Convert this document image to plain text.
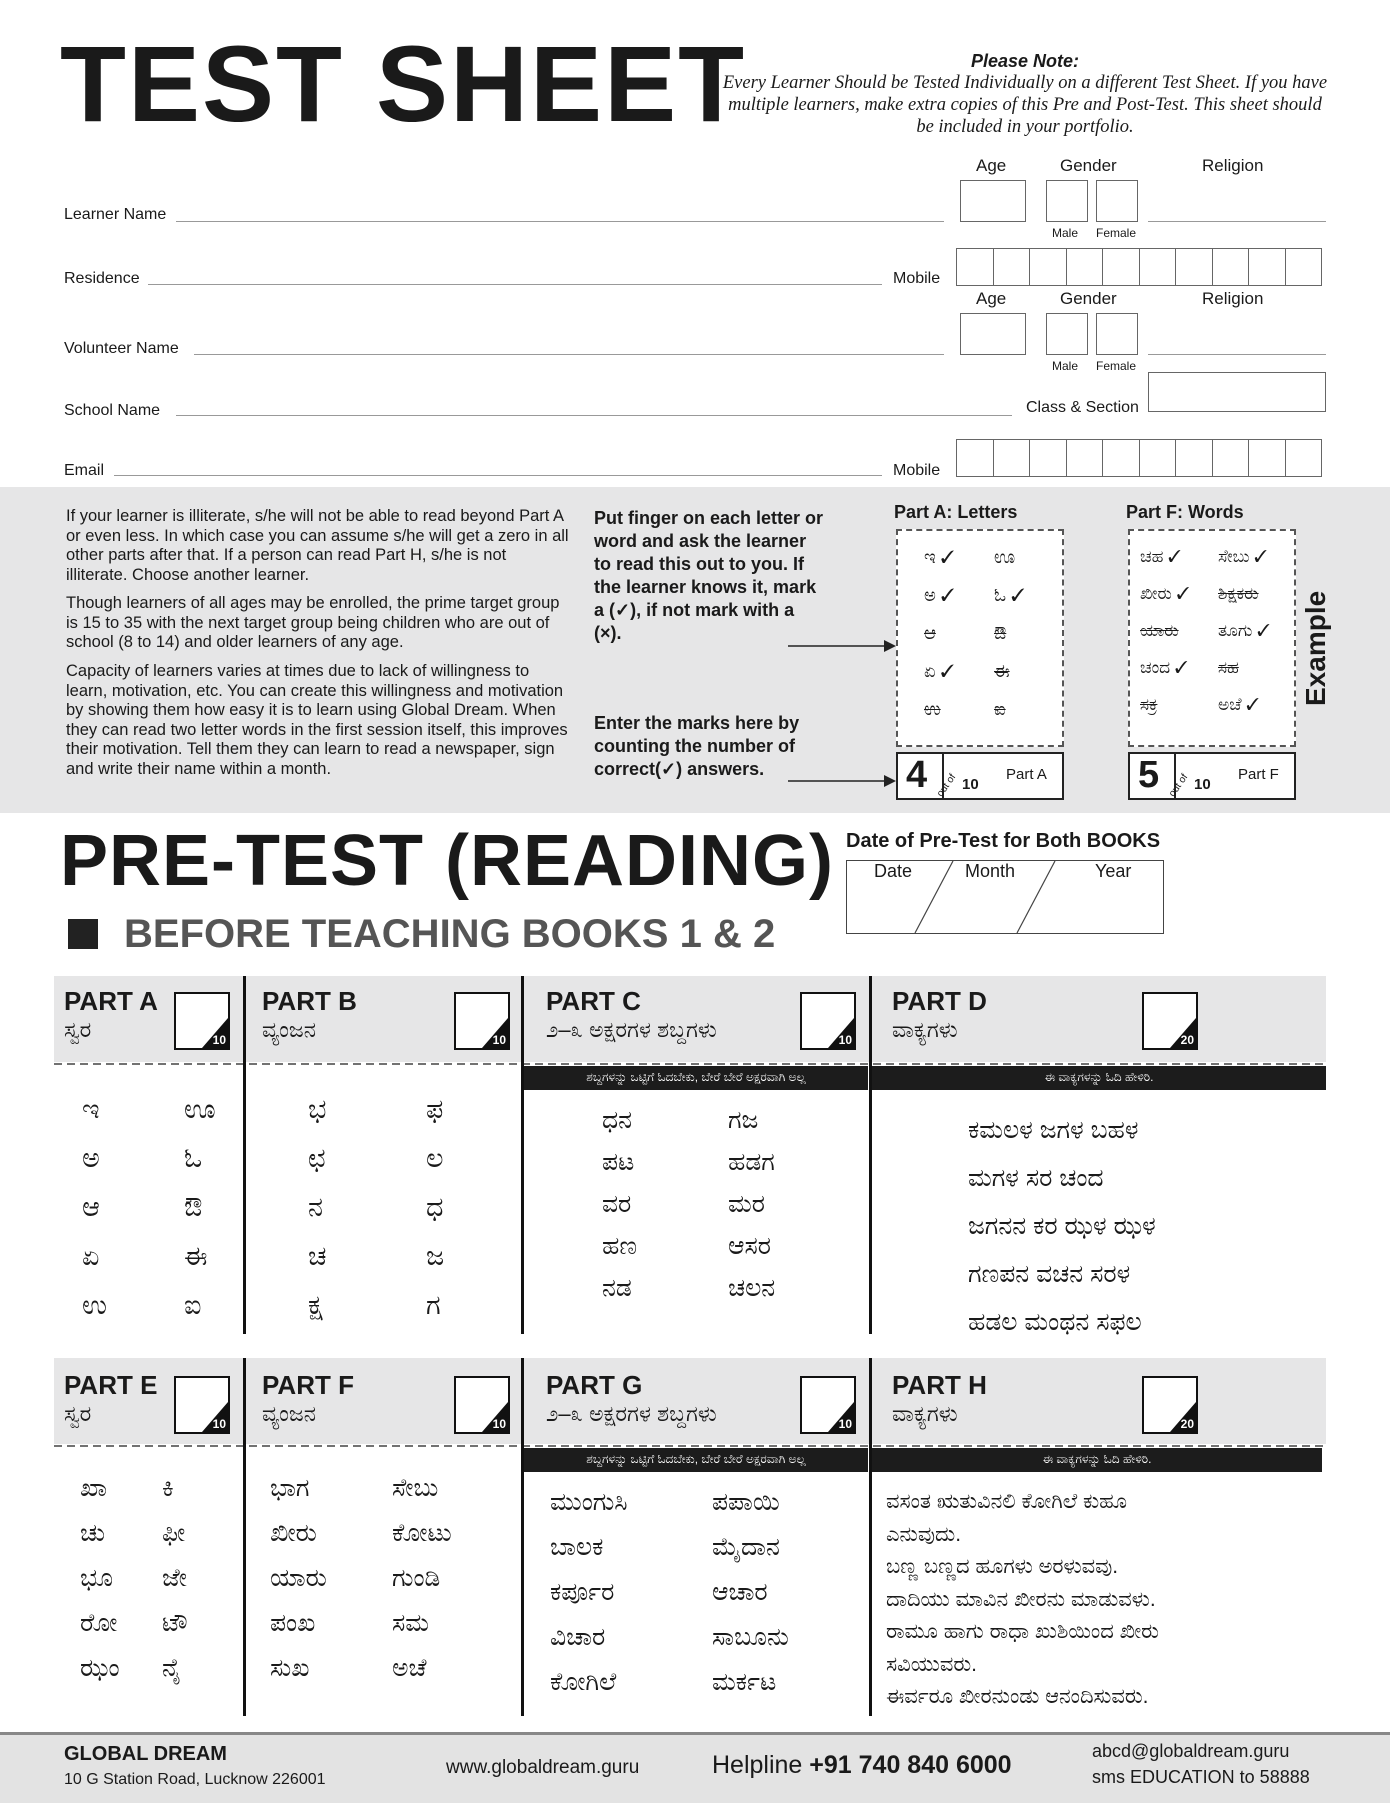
TEST SHEET	Please Note:
Every Learner Should be Tested Individually on a different Test Sheet. If you have multiple learners, make extra copies of this Pre and Post-Test. This sheet should be included in your portfolio.
Age	Gender	Religion
Learner Name
Male Female
Residence	Mobile
Age	Gender	Religion
Volunteer Name
Male Female
School Name	Class & Section
Email	Mobile
If your learner is illiterate, s/he will not be able to read beyond Part A or even less. In which case you can assume s/he will get a zero in all other parts after that. If a person can read Part H, s/he is not illiterate. Choose another learner.
Though learners of all ages may be enrolled, the prime target group is 15 to 35 with the next target group being children who are out of school (8 to 14) and older learners of any age.
Capacity of learners varies at times due to lack of willingness to learn, motivation, etc. You can create this willingness and motivation by showing them how easy it is to learn using Global Dream. When they can read two letter words in the first session itself, this improves their motivation. Tell them they can learn to read a newspaper, sign and write their name within a month.
Put finger on each letter or word and ask the learner to read this out to you. If the learner knows it, mark a (✓), if not mark with a (×).
Enter the marks here by counting the number of correct(✓) answers.
Part A: Letters
ಇ ✓	ಊ
ಅ ✓	ಓ ✓
ಆ	ಔ
ಏ ✓	ಈ
ಉ	ಐ
4 out of 10
Part A
Part F: Words
ಚಹ ✓	ಸೇಬು ✓
ಖೀರು ✓	ಶಿಕ್ಷಕರು
ಯಾರು	ತೂಗು ✓
ಚಂದ ✓	ಸಹ
ಸಕ್ರ	ಅಚೆ ✓
5 out of 10
Part F
Example
PRE-TEST (READING)
BEFORE TEACHING BOOKS 1 & 2
Date of Pre-Test for Both BOOKS
Date	Month	Year
PART A
ಸ್ವರ
PART B
ವ್ಯಂಜನ
PART C
೨–೩ ಅಕ್ಷರಗಳ ಶಬ್ದಗಳು
PART D
ವಾಕ್ಯಗಳು
10	10	10	20
ಶಬ್ದಗಳನ್ನು ಒಟ್ಟಿಗೆ ಓದಬೇಕು, ಬೇರೆ ಬೇರೆ ಅಕ್ಷರವಾಗಿ ಅಲ್ಲ	ಈ ವಾಕ್ಯಗಳನ್ನು ಓದಿ ಹೇಳಿರಿ.
ಇ	ಊ
ಅ	ಓ
ಆ	ಔ
ಏ	ಈ
ಉ	ಐ
ಭ	ಫ
ಛ	ಲ
ನ	ಧ
ಚ	ಜ
ಕ್ಷ	ಗ
ಧನ	ಗಜ
ಪಟ	ಹಡಗ
ವರ	ಮರ
ಹಣ	ಆಸರ
ನಡ	ಚಲನ
ಕಮಲಳ ಜಗಳ ಬಹಳ
ಮಗಳ ಸರ ಚಂದ
ಜಗನನ ಕರ ಝಳ ಝಳ
ಗಣಪನ ವಚನ ಸರಳ
ಹಡಲ ಮಂಥನ ಸಫಲ
PART E
ಸ್ವರ
PART F
ವ್ಯಂಜನ
PART G
೨–೩ ಅಕ್ಷರಗಳ ಶಬ್ದಗಳು
PART H
ವಾಕ್ಯಗಳು
10	10	10	20
ಶಬ್ದಗಳನ್ನು ಒಟ್ಟಿಗೆ ಓದಬೇಕು, ಬೇರೆ ಬೇರೆ ಅಕ್ಷರವಾಗಿ ಅಲ್ಲ	ಈ ವಾಕ್ಯಗಳನ್ನು ಓದಿ ಹೇಳಿರಿ.
ಖಾ	ಕಿ
ಚು	ಫೀ
ಭೂ	ಜೇ
ರೋ	ಟೌ
ಝಂ	ನೈ
ಭಾಗ	ಸೇಬು
ಖೀರು	ಕೋಟು
ಯಾರು	ಗುಂಡಿ
ಪಂಖ	ಸಮ
ಸುಖ	ಅಚೆ
ಮುಂಗುಸಿ	ಪಪಾಯಿ
ಬಾಲಕ	ಮೈದಾನ
ಕರ್ಪೂರ	ಆಚಾರ
ವಿಚಾರ	ಸಾಬೂನು
ಕೋಗಿಲೆ	ಮರ್ಕಟ
ವಸಂತ ಋತುವಿನಲಿ ಕೋಗಿಲೆ ಕುಹೂ
ಎನುವುದು.
ಬಣ್ಣ ಬಣ್ಣದ ಹೂಗಳು ಅರಳುವವು.
ದಾದಿಯು ಮಾವಿನ ಖೀರನು ಮಾಡುವಳು.
ರಾಮೂ ಹಾಗು ರಾಧಾ ಖುಶಿಯಿಂದ ಖೀರು
ಸವಿಯುವರು.
ಈರ್ವರೂ ಖೀರನುಂಡು ಆನಂದಿಸುವರು.
GLOBAL DREAM
10 G Station Road, Lucknow 226001
www.globaldream.guru	Helpline +91 740 840 6000	abcd@globaldream.guru
sms EDUCATION to 58888
